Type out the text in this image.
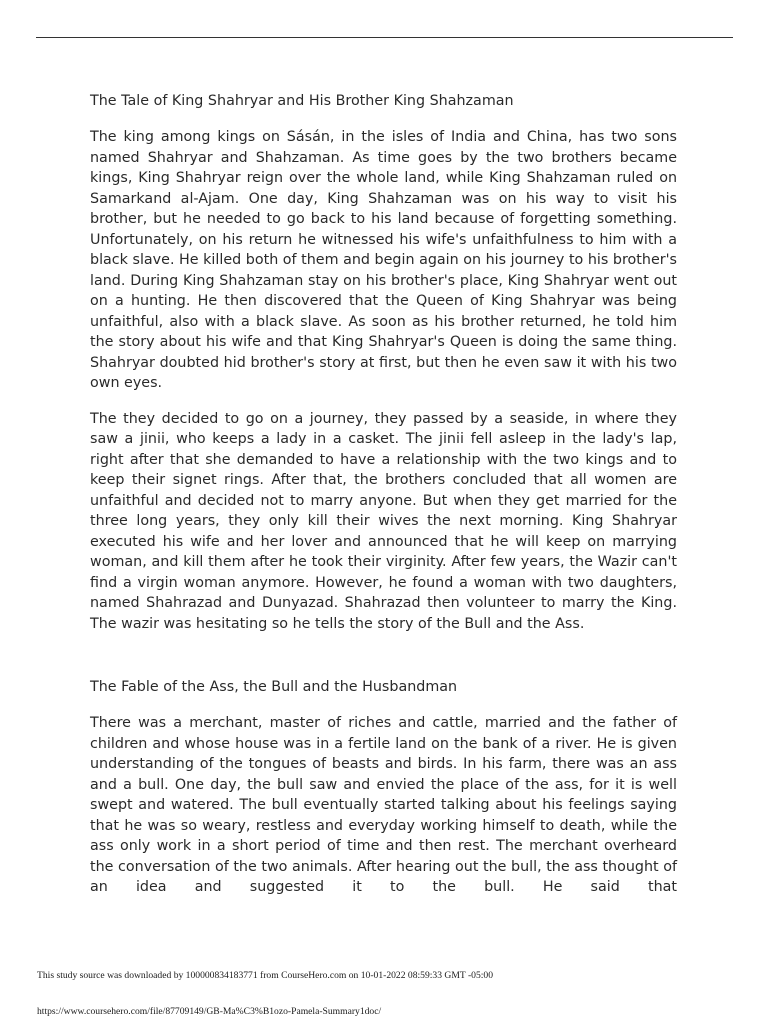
The Tale of King Shahryar and His Brother King Shahzaman

The king among kings on Sásán, in the isles of India and China, has two sons named Shahryar and Shahzaman. As time goes by the two brothers became kings, King Shahryar reign over the whole land, while King Shahzaman ruled on Samarkand al-Ajam. One day, King Shahzaman was on his way to visit his brother, but he needed to go back to his land because of forgetting something. Unfortunately, on his return he witnessed his wife's unfaithfulness to him with a black slave. He killed both of them and begin again on his journey to his brother's land. During King Shahzaman stay on his brother's place, King Shahryar went out on a hunting. He then discovered that the Queen of King Shahryar was being unfaithful, also with a black slave. As soon as his brother returned, he told him the story about his wife and that King Shahryar's Queen is doing the same thing. Shahryar doubted hid brother's story at first, but then he even saw it with his two own eyes.

The they decided to go on a journey, they passed by a seaside, in where they saw a jinii, who keeps a lady in a casket. The jinii fell asleep in the lady's lap, right after that she demanded to have a relationship with the two kings and to keep their signet rings. After that, the brothers concluded that all women are unfaithful and decided not to marry anyone. But when they get married for the three long years, they only kill their wives the next morning. King Shahryar executed his wife and her lover and announced that he will keep on marrying woman, and kill them after he took their virginity. After few years, the Wazir can't find a virgin woman anymore. However, he found a woman with two daughters, named Shahrazad and Dunyazad. Shahrazad then volunteer to marry the King. The wazir was hesitating so he tells the story of the Bull and the Ass.

The Fable of the Ass, the Bull and the Husbandman

There was a merchant, master of riches and cattle, married and the father of children and whose house was in a fertile land on the bank of a river. He is given understanding of the tongues of beasts and birds. In his farm, there was an ass and a bull. One day, the bull saw and envied the place of the ass, for it is well swept and watered. The bull eventually started talking about his feelings saying that he was so weary, restless and everyday working himself to death, while the ass only work in a short period of time and then rest. The merchant overheard the conversation of the two animals. After hearing out the bull, the ass thought of an idea and suggested it to the bull. He said that

This study source was downloaded by 100000834183771 from CourseHero.com on 10-01-2022 08:59:33 GMT -05:00
https://www.coursehero.com/file/87709149/GB-Ma%C3%B1ozo-Pamela-Summary1doc/
